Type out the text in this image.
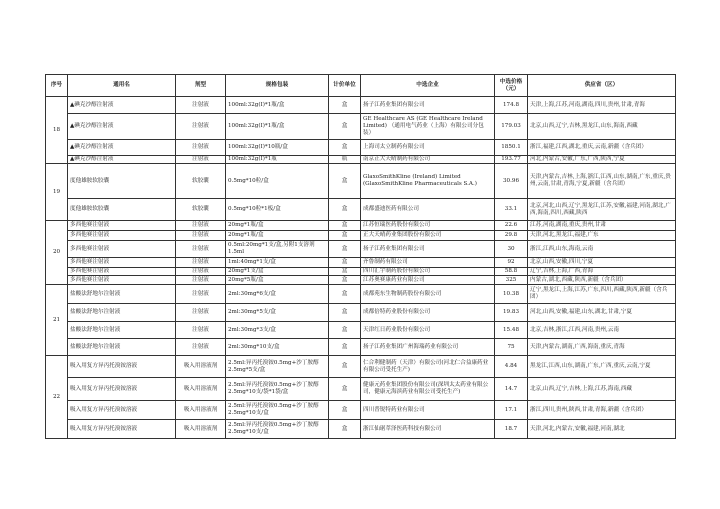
序号	通用名	剂型	规格包装	计价单位	中选企业	中选价格（元）	供应省（区）
18	▲碘克沙醇注射液	注射液	100ml:32g(I)*1瓶/盒	盒	扬子江药业集团有限公司	174.8	天津,上海,江苏,河南,湖南,四川,贵州,甘肃,青海
	▲碘克沙醇注射液	注射液	100ml:32g(I)*1瓶/盒	盒	GE Healthcare AS (GE Healthcare Ireland Limited) （通用电气药业（上海）有限公司分包装）	179.03	北京,山西,辽宁,吉林,黑龙江,山东,海南,西藏
	▲碘克沙醇注射液	注射液	100ml:32g(I)*10瓶/盒	盒	上海司太立制药有限公司	1850.1	浙江,福建,江西,湖北,重庆,云南,新疆（含兵团）
	▲碘克沙醇注射液	注射液	100ml:32g(I)*1瓶	瓶	南京正大天晴制药有限公司	193.77	河北,内蒙古,安徽,广东,广西,陕西,宁夏
19	度他雄胺软胶囊	软胶囊	0.5mg*10粒/盒	盒	GlaxoSmithKline (Ireland) Limited (GlaxoSmithKline Pharmaceuticals S.A.)	30.96	天津,内蒙古,吉林,上海,浙江,江西,山东,湖南,广东,重庆,贵州,云南,甘肃,青海,宁夏,新疆（含兵团）
	度他雄胺软胶囊	软胶囊	0.5mg*10粒*1板/盒	盒	成都盛迪医药有限公司	33.1	北京,河北,山西,辽宁,黑龙江,江苏,安徽,福建,河南,湖北,广西,海南,四川,西藏,陕西
20	多西他赛注射液	注射液	20mg*1瓶/盒	盒	江苏恒瑞医药股份有限公司	22.6	江苏,河南,湖南,重庆,贵州,甘肃
	多西他赛注射液	注射液	20mg*1瓶/盒	盒	正大天晴药业集团股份有限公司	29.8	天津,河北,黑龙江,福建,广东
	多西他赛注射液	注射液	0.5ml:20mg*1支/盒,另附1支溶剂1.5ml	盒	扬子江药业集团有限公司	30	浙江,江西,山东,海南,云南
	多西他赛注射液	注射液	1ml:40mg*1支/盒	盒	齐鲁制药有限公司	92	北京,山西,安徽,四川,宁夏
	多西他赛注射液	注射液	20mg*1支/盒	盒	四川汇宇制药股份有限公司	58.8	辽宁,吉林,上海,广西,青海
	多西他赛注射液	注射液	20mg*5瓶/盒	盒	江苏奥赛康药业有限公司	325	内蒙古,湖北,西藏,陕西,新疆（含兵团）
21	盐酸法舒地尔注射液	注射液	2ml:30mg*6支/盒	盒	成都苑东生物制药股份有限公司	10.38	辽宁,黑龙江,上海,江苏,广东,四川,西藏,陕西,新疆（含兵团）
	盐酸法舒地尔注射液	注射液	2ml:30mg*5支/盒	盒	成都倍特药业股份有限公司	19.83	河北,山西,安徽,福建,山东,湖北,甘肃,宁夏
	盐酸法舒地尔注射液	注射液	2ml:30mg*3支/盒	盒	天津红日药业股份有限公司	15.48	北京,吉林,浙江,江西,河南,贵州,云南
	盐酸法舒地尔注射液	注射液	2ml:30mg*10支/盒	盒	扬子江药业集团广州海瑞药业有限公司	75	天津,内蒙古,湖南,广西,海南,重庆,青海
22	吸入用复方异丙托溴铵溶液	吸入用溶液剂	2.5ml:异丙托溴铵0.5mg+沙丁胺醇2.5mg*5支/盒	盒	仁合利健制药（天津）有限公司(河北仁合益康药业有限公司受托生产)	4.84	黑龙江,江西,山东,湖南,广东,广西,重庆,云南,宁夏
	吸入用复方异丙托溴铵溶液	吸入用溶液剂	2.5ml:异丙托溴铵0.5mg+沙丁胺醇2.5mg*10支/袋*1袋/盒	盒	健康元药业集团股份有限公司(深圳太太药业有限公司，健康元海滨药业有限公司受托生产)	14.7	北京,山西,辽宁,吉林,上海,江苏,海南,西藏
	吸入用复方异丙托溴铵溶液	吸入用溶液剂	2.5ml:异丙托溴铵0.5mg+沙丁胺醇2.5mg*10支/盒	盒	四川普锐特药业有限公司	17.1	浙江,四川,贵州,陕西,甘肃,青海,新疆（含兵团）
	吸入用复方异丙托溴铵溶液	吸入用溶液剂	2.5ml:异丙托溴铵0.5mg+沙丁胺醇2.5mg*10支/盒	盒	浙江仙琚萃泽医药科技有限公司	18.7	天津,河北,内蒙古,安徽,福建,河南,湖北
